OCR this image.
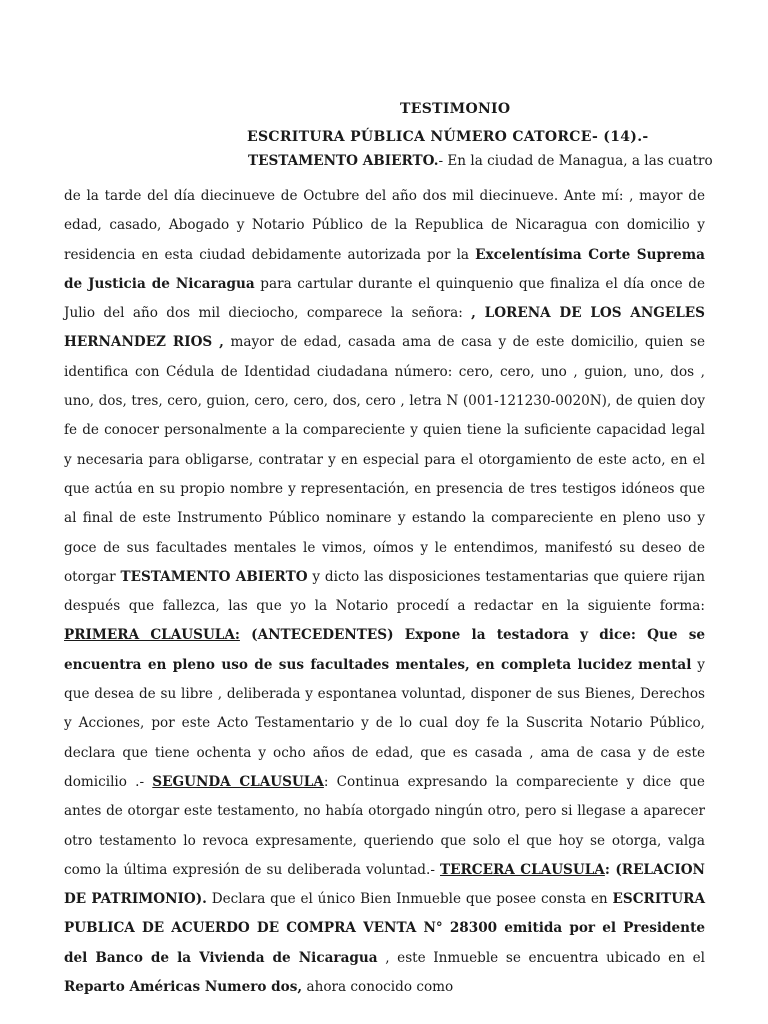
TESTIMONIO
ESCRITURA PÚBLICA NÚMERO CATORCE- (14).-
TESTAMENTO ABIERTO.- En la ciudad de Managua, a las cuatro
de la tarde del día diecinueve de Octubre del año dos mil diecinueve. Ante mí: , mayor de edad, casado, Abogado y Notario Público de la Republica de Nicaragua con domicilio y residencia en esta ciudad debidamente autorizada por la Excelentísima Corte Suprema de Justicia de Nicaragua para cartular durante el quinquenio que finaliza el día once de Julio del año dos mil dieciocho, comparece la señora: , LORENA DE LOS ANGELES HERNANDEZ RIOS , mayor de edad, casada ama de casa y de este domicilio, quien se identifica con Cédula de Identidad ciudadana número: cero, cero, uno , guion, uno, dos , uno, dos, tres, cero, guion, cero, cero, dos, cero , letra N (001-121230-0020N), de quien doy fe de conocer personalmente a la compareciente y quien tiene la suficiente capacidad legal y necesaria para obligarse, contratar y en especial para el otorgamiento de este acto, en el que actúa en su propio nombre y representación, en presencia de tres testigos idóneos que al final de este Instrumento Público nominare y estando la compareciente en pleno uso y goce de sus facultades mentales le vimos, oímos y le entendimos, manifestó su deseo de otorgar TESTAMENTO ABIERTO y dicto las disposiciones testamentarias que quiere rijan después que fallezca, las que yo la Notario procedí a redactar en la siguiente forma: PRIMERA CLAUSULA: (ANTECEDENTES) Expone la testadora y dice: Que se encuentra en pleno uso de sus facultades mentales, en completa lucidez mental y que desea de su libre , deliberada y espontanea voluntad, disponer de sus Bienes, Derechos y Acciones, por este Acto Testamentario y de lo cual doy fe la Suscrita Notario Público, declara que tiene ochenta y ocho años de edad, que es casada , ama de casa y de este domicilio .- SEGUNDA CLAUSULA: Continua expresando la compareciente y dice que antes de otorgar este testamento, no había otorgado ningún otro, pero si llegase a aparecer otro testamento lo revoca expresamente, queriendo que solo el que hoy se otorga, valga como la última expresión de su deliberada voluntad.- TERCERA CLAUSULA: (RELACION DE PATRIMONIO). Declara que el único Bien Inmueble que posee consta en ESCRITURA PUBLICA DE ACUERDO DE COMPRA VENTA N° 28300 emitida por el Presidente del Banco de la Vivienda de Nicaragua , este Inmueble se encuentra ubicado en el Reparto Américas Numero dos, ahora conocido como
